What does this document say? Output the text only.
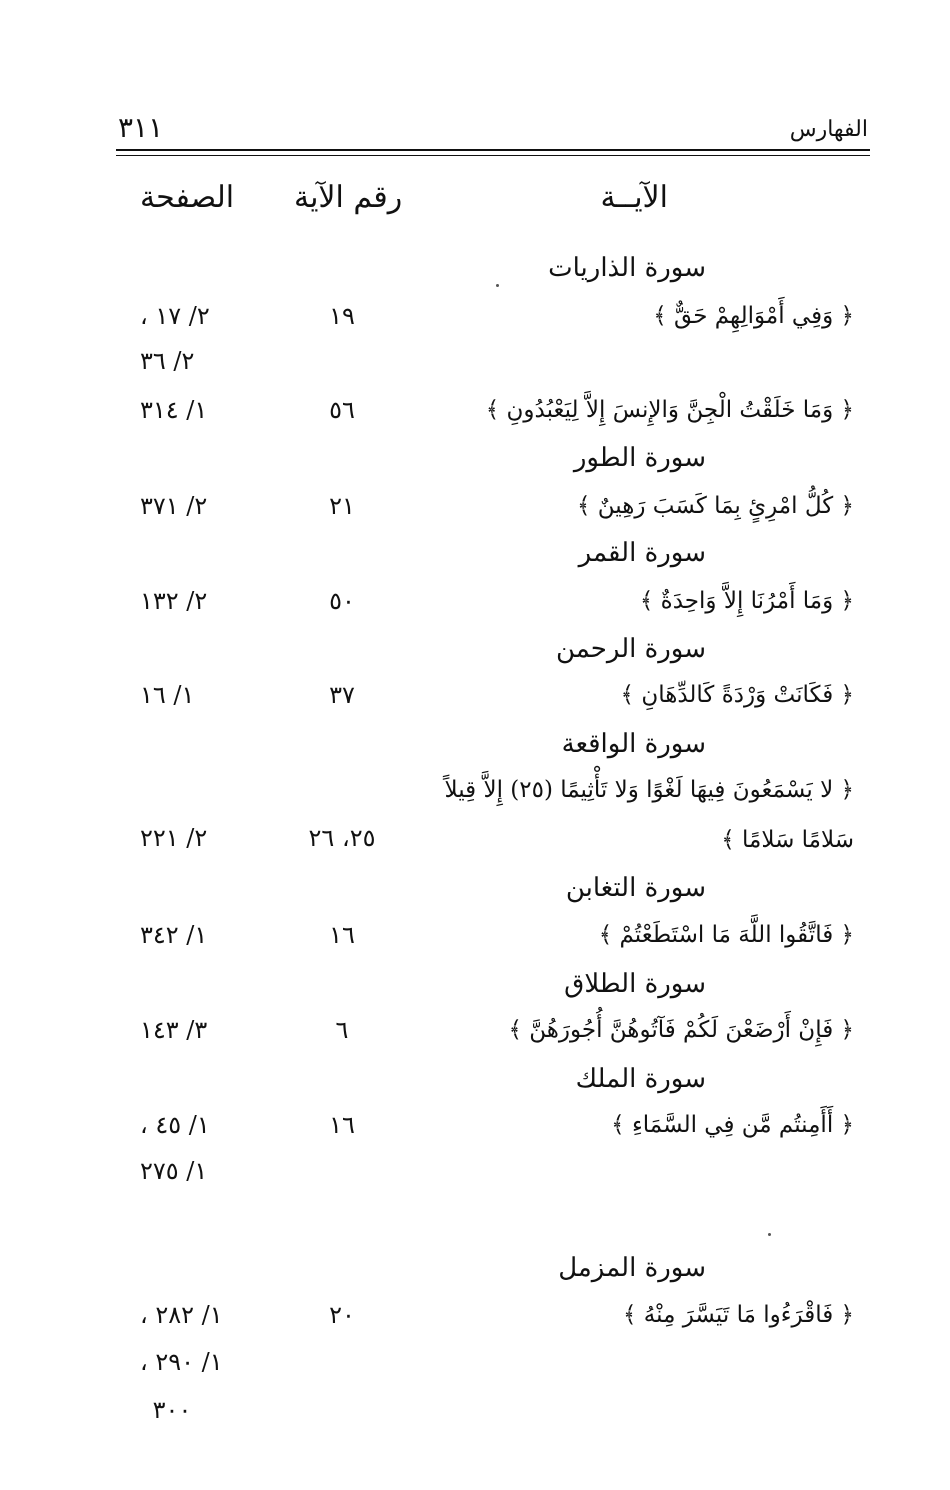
الفهارس
٣١١
الآيــة
رقم الآية
الصفحة
سورة الذاريات
﴿ وَفِي أَمْوَالِهِمْ حَقٌّ ﴾
١٩
٢/ ١٧ ،
٢/ ٣٦
﴿ وَمَا خَلَقْتُ الْجِنَّ وَالإِنسَ إِلاَّ لِيَعْبُدُونِ ﴾
٥٦
١/ ٣١٤
سورة الطور
﴿ كُلُّ امْرِئٍ بِمَا كَسَبَ رَهِينٌ ﴾
٢١
٢/ ٣٧١
سورة القمر
﴿ وَمَا أَمْرُنَا إِلاَّ وَاحِدَةٌ ﴾
٥٠
٢/ ١٣٢
سورة الرحمن
﴿ فَكَانَتْ وَرْدَةً كَالدِّهَانِ ﴾
٣٧
١/ ١٦
سورة الواقعة
﴿ لا يَسْمَعُونَ فِيهَا لَغْوًا وَلا تَأْثِيمًا (٢٥) إِلاَّ قِيلاً
سَلامًا سَلامًا ﴾
٢٥، ٢٦
٢/ ٢٢١
سورة التغابن
﴿ فَاتَّقُوا اللَّهَ مَا اسْتَطَعْتُمْ ﴾
١٦
١/ ٣٤٢
سورة الطلاق
﴿ فَإِنْ أَرْضَعْنَ لَكُمْ فَآتُوهُنَّ أُجُورَهُنَّ ﴾
٦
٣/ ١٤٣
سورة الملك
﴿ أَأَمِنتُم مَّن فِي السَّمَاءِ ﴾
١٦
١/ ٤٥ ،
١/ ٢٧٥
سورة المزمل
﴿ فَاقْرَءُوا مَا تَيَسَّرَ مِنْهُ ﴾
٢٠
١/ ٢٨٢ ،
١/ ٢٩٠ ،
٣٠٠
